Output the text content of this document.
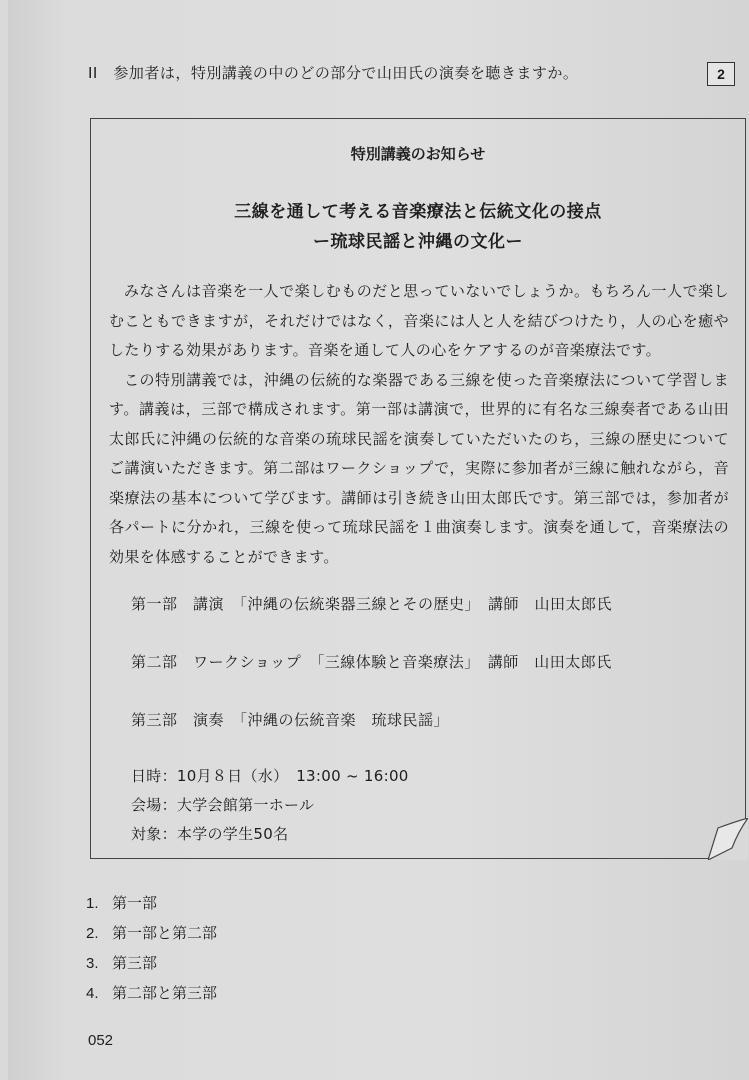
II　参加者は，特別講義の中のどの部分で山田氏の演奏を聴きますか。	2
特別講義のお知らせ
三線を通して考える音楽療法と伝統文化の接点
ー琉球民謡と沖縄の文化ー

みなさんは音楽を一人で楽しむものだと思っていないでしょうか。もちろん一人で楽しむこともできますが，それだけではなく，音楽には人と人を結びつけたり，人の心を癒やしたりする効果があります。音楽を通して人の心をケアするのが音楽療法です。

この特別講義では，沖縄の伝統的な楽器である三線を使った音楽療法について学習します。講義は，三部で構成されます。第一部は講演で，世界的に有名な三線奏者である山田太郎氏に沖縄の伝統的な音楽の琉球民謡を演奏していただいたのち，三線の歴史についてご講演いただきます。第二部はワークショップで，実際に参加者が三線に触れながら，音楽療法の基本について学びます。講師は引き続き山田太郎氏です。第三部では，参加者が各パートに分かれ，三線を使って琉球民謡を１曲演奏します。演奏を通して，音楽療法の効果を体感することができます。

第一部　講演　「沖縄の伝統楽器三線とその歴史」　講師　山田太郎氏
第二部　ワークショップ　「三線体験と音楽療法」　講師　山田太郎氏
第三部　演奏　「沖縄の伝統音楽　琉球民謡」
日時：10月８日（水）　13:00 ~ 16:00
会場：大学会館第一ホール
対象：本学の学生50名
1. 第一部
2. 第一部と第二部
3. 第三部
4. 第二部と第三部
052
